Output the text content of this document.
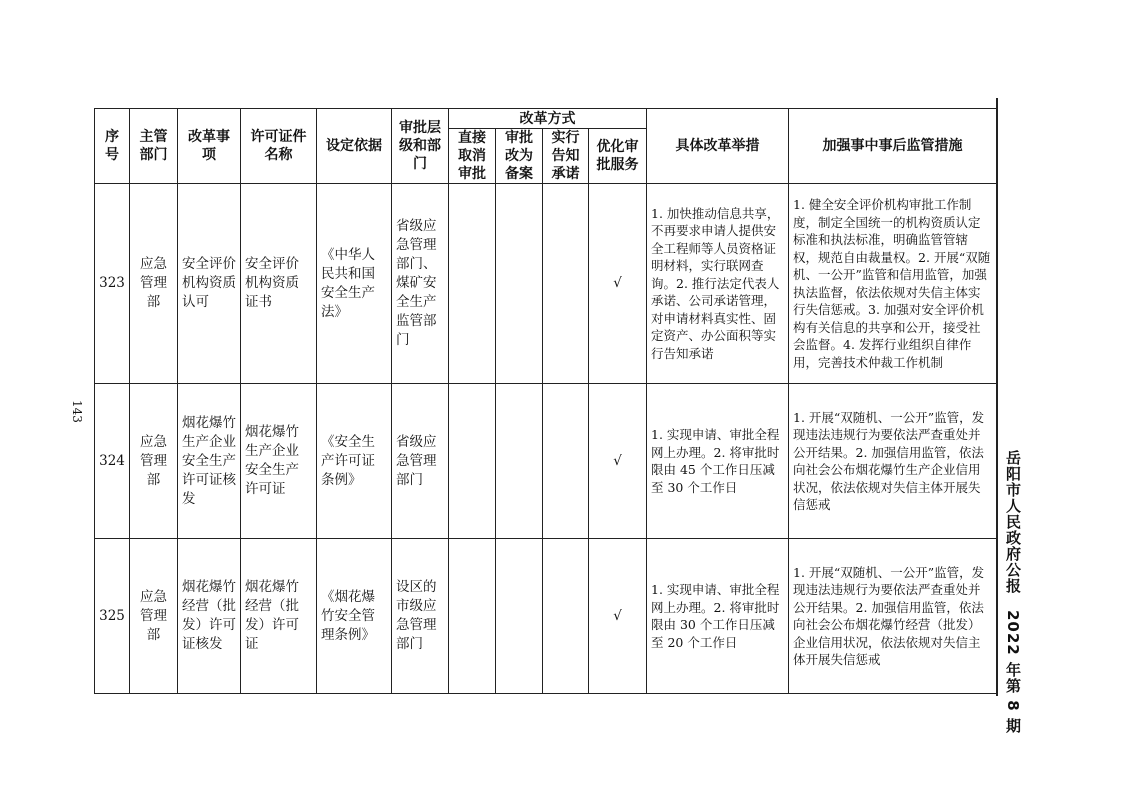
序号	主管部门	改革事项	许可证件名称	设定依据	审批层级和部门	改革方式				具体改革举措	加强事中事后监管措施
						直接取消审批	审批改为备案	实行告知承诺	优化审批服务		
323	应急管理部	安全评价机构资质认可	安全评价机构资质证书	《中华人民共和国安全生产法》	省级应急管理部门、煤矿安全生产监管部门				√	1. 加快推动信息共享，不再要求申请人提供安全工程师等人员资格证明材料，实行联网查询。2. 推行法定代表人承诺、公司承诺管理，对申请材料真实性、固定资产、办公面积等实行告知承诺	1. 健全安全评价机构审批工作制度，制定全国统一的机构资质认定标准和执法标准，明确监管管辖权，规范自由裁量权。2. 开展“双随机、一公开”监管和信用监管，加强执法监督，依法依规对失信主体实行失信惩戒。3. 加强对安全评价机构有关信息的共享和公开，接受社会监督。4. 发挥行业组织自律作用，完善技术仲裁工作机制
324	应急管理部	烟花爆竹生产企业安全生产许可证核发	烟花爆竹生产企业安全生产许可证	《安全生产许可证条例》	省级应急管理部门				√	1. 实现申请、审批全程网上办理。2. 将审批时限由 45 个工作日压减至 30 个工作日	1. 开展“双随机、一公开”监管，发现违法违规行为要依法严查重处并公开结果。2. 加强信用监管，依法向社会公布烟花爆竹生产企业信用状况，依法依规对失信主体开展失信惩戒
325	应急管理部	烟花爆竹经营（批发）许可证核发	烟花爆竹经营（批发）许可证	《烟花爆竹安全管理条例》	设区的市级应急管理部门				√	1. 实现申请、审批全程网上办理。2. 将审批时限由 30 个工作日压减至 20 个工作日	1. 开展“双随机、一公开”监管，发现违法违规行为要依法严查重处并公开结果。2. 加强信用监管，依法向社会公布烟花爆竹经营（批发）企业信用状况，依法依规对失信主体开展失信惩戒	岳阳市人民政府公报　2022 年第 8 期
143
